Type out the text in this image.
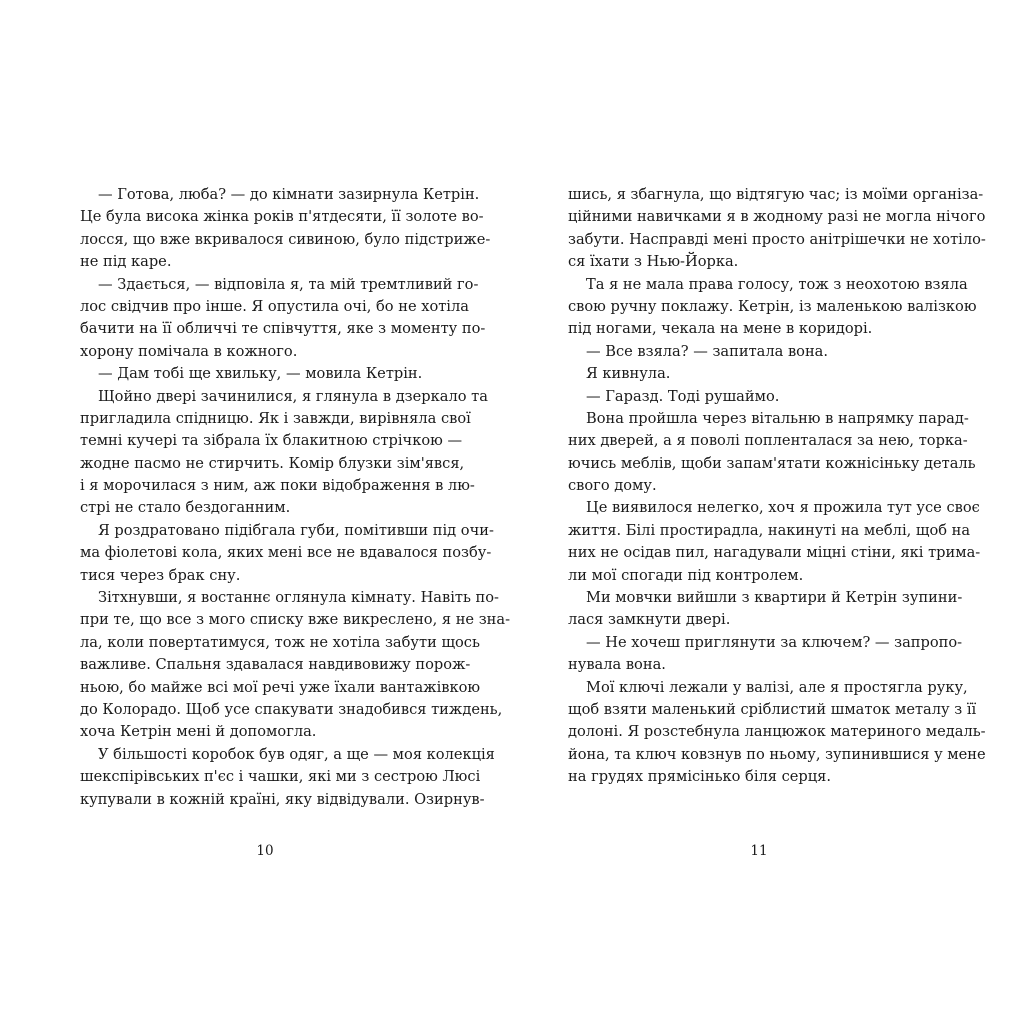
— Готова, люба? — до кімнати зазирнула Кетрін.
Це була висока жінка років п'ятдесяти, її золоте во-
лосся, що вже вкривалося сивиною, було підстриже-
не під каре.
— Здається, — відповіла я, та мій тремтливий го-
лос свідчив про інше. Я опустила очі, бо не хотіла
бачити на її обличчі те співчуття, яке з моменту по-
хорону помічала в кожного.
— Дам тобі ще хвильку, — мовила Кетрін.
Щойно двері зачинилися, я глянула в дзеркало та
пригладила спідницю. Як і завжди, вирівняла свої
темні кучері та зібрала їх блакитною стрічкою —
жодне пасмо не стирчить. Комір блузки зім'явся,
і я морочилася з ним, аж поки відображення в лю-
стрі не стало бездоганним.
Я роздратовано підібгала губи, помітивши під очи-
ма фіолетові кола, яких мені все не вдавалося позбу-
тися через брак сну.
Зітхнувши, я востаннє оглянула кімнату. Навіть по-
при те, що все з мого списку вже викреслено, я не зна-
ла, коли повертатимуся, тож не хотіла забути щось
важливе. Спальня здавалася навдивовижу порож-
ньою, бо майже всі мої речі уже їхали вантажівкою
до Колорадо. Щоб усе спакувати знадобився тиждень,
хоча Кетрін мені й допомогла.
У більшості коробок був одяг, а ще — моя колекція
шекспірівських п'єс і чашки, які ми з сестрою Люсі
купували в кожній країні, яку відвідували. Озирнув-
шись, я збагнула, що відтягую час; із моїми організа-
ційними навичками я в жодному разі не могла нічого
забути. Насправді мені просто анітрішечки не хотіло-
ся їхати з Нью-Йорка.
Та я не мала права голосу, тож з неохотою взяла
свою ручну поклажу. Кетрін, із маленькою валізкою
під ногами, чекала на мене в коридорі.
— Все взяла? — запитала вона.
Я кивнула.
— Гаразд. Тоді рушаймо.
Вона пройшла через вітальню в напрямку парад-
них дверей, а я поволі попленталася за нею, торка-
ючись меблів, щоби запам'ятати кожнісіньку деталь
свого дому.
Це виявилося нелегко, хоч я прожила тут усе своє
життя. Білі простирадла, накинуті на меблі, щоб на
них не осідав пил, нагадували міцні стіни, які трима-
ли мої спогади під контролем.
Ми мовчки вийшли з квартири й Кетрін зупини-
лася замкнути двері.
— Не хочеш приглянути за ключем? — запропо-
нувала вона.
Мої ключі лежали у валізі, але я простягла руку,
щоб взяти маленький сріблистий шматок металу з її
долоні. Я розстебнула ланцюжок материного медаль-
йона, та ключ ковзнув по ньому, зупинившися у мене
на грудях прямісінько біля серця.
10	11
